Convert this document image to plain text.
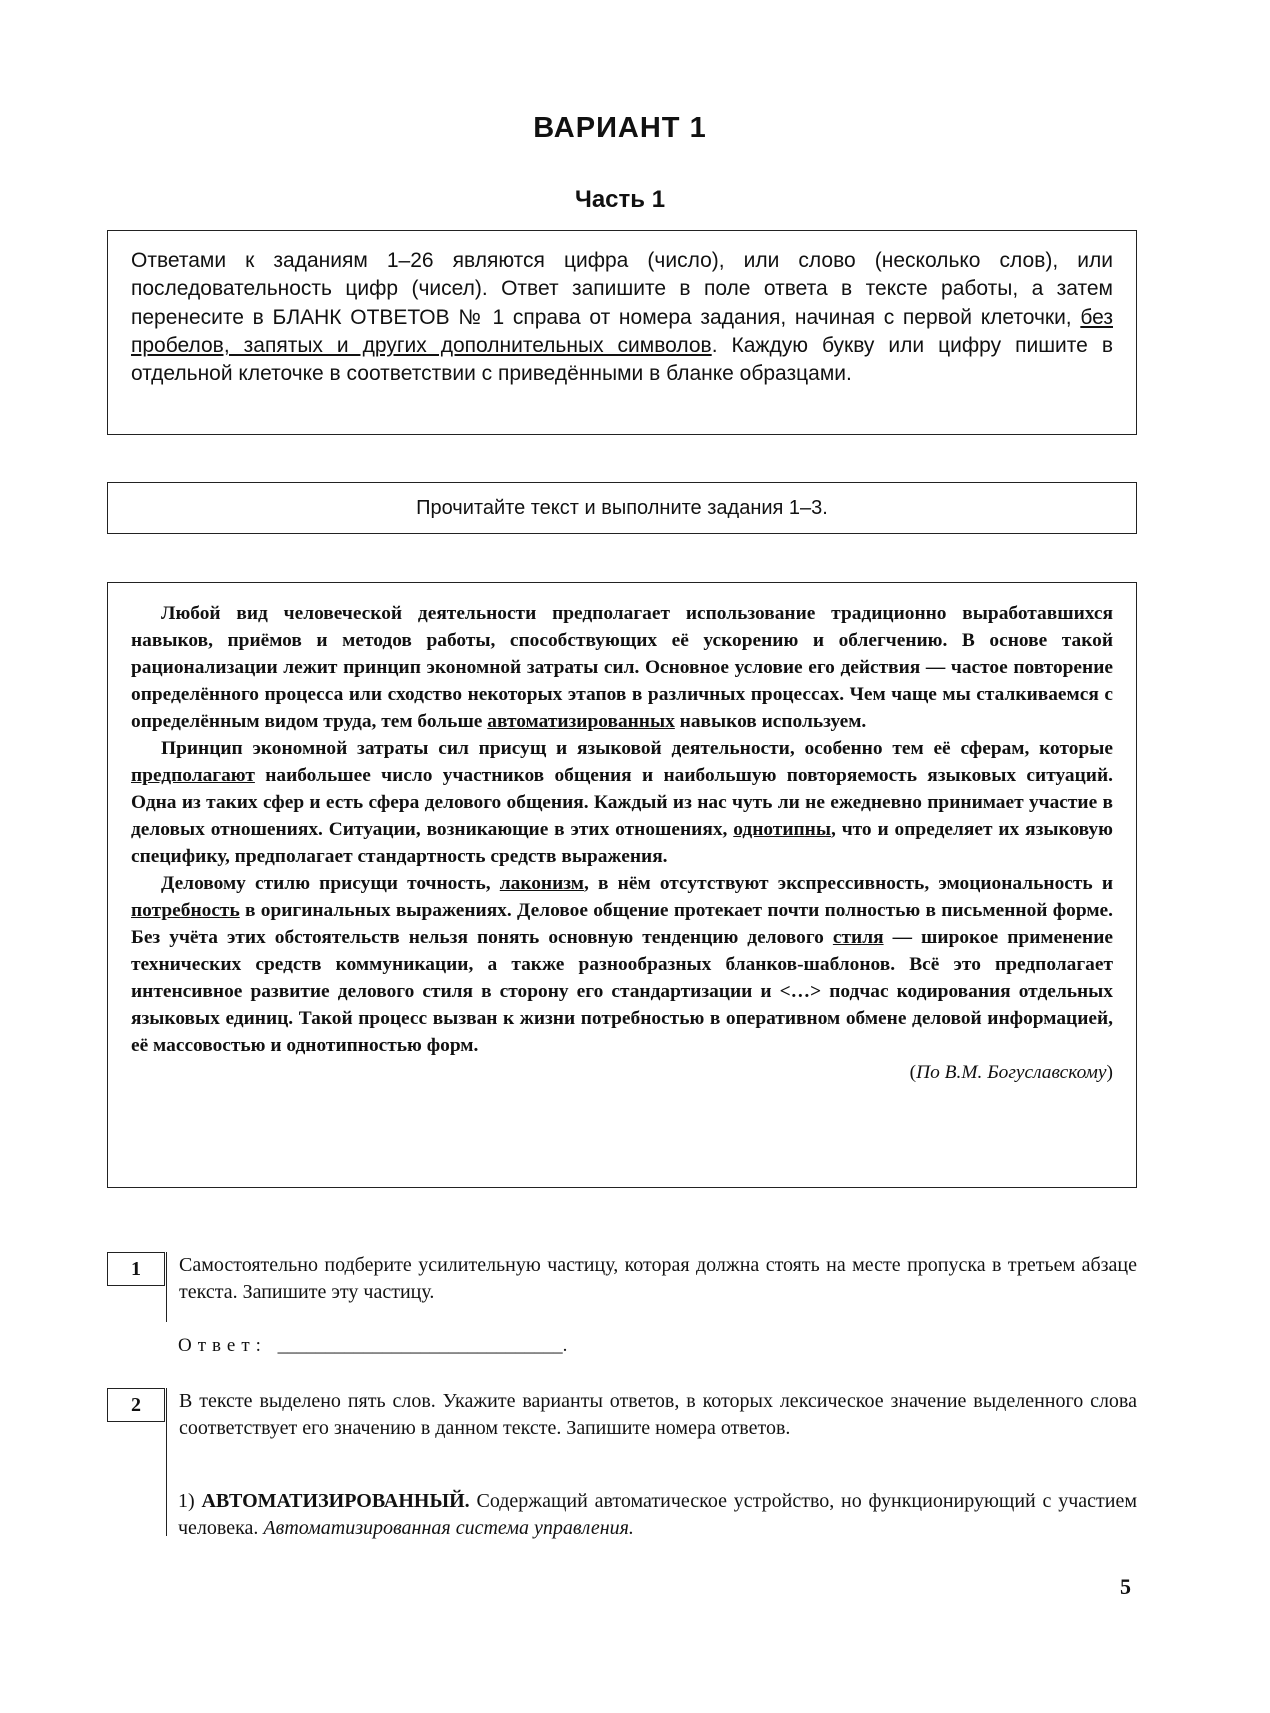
ВАРИАНТ 1
Часть 1
Ответами к заданиям 1–26 являются цифра (число), или слово (несколько слов), или последовательность цифр (чисел). Ответ запишите в поле ответа в тексте работы, а затем перенесите в БЛАНК ОТВЕТОВ № 1 справа от номера задания, начиная с первой клеточки, без пробелов, запятых и других дополнительных символов. Каждую букву или цифру пишите в отдельной клеточке в соответствии с приведёнными в бланке образцами.
Прочитайте текст и выполните задания 1–3.

Любой вид человеческой деятельности предполагает использование традиционно выработавшихся навыков, приёмов и методов работы, способствующих её ускорению и облегчению. В основе такой рационализации лежит принцип экономной затраты сил. Основное условие его действия — частое повторение определённого процесса или сходство некоторых этапов в различных процессах. Чем чаще мы сталкиваемся с определённым видом труда, тем больше автоматизированных навыков используем.

Принцип экономной затраты сил присущ и языковой деятельности, особенно тем её сферам, которые предполагают наибольшее число участников общения и наибольшую повторяемость языковых ситуаций. Одна из таких сфер и есть сфера делового общения. Каждый из нас чуть ли не ежедневно принимает участие в деловых отношениях. Ситуации, возникающие в этих отношениях, однотипны, что и определяет их языковую специфику, предполагает стандартность средств выражения.

Деловому стилю присущи точность, лаконизм, в нём отсутствуют экспрессивность, эмоциональность и потребность в оригинальных выражениях. Деловое общение протекает почти полностью в письменной форме. Без учёта этих обстоятельств нельзя понять основную тенденцию делового стиля — широкое применение технических средств коммуникации, а также разнообразных бланков-шаблонов. Всё это предполагает интенсивное развитие делового стиля в сторону его стандартизации и <…> подчас кодирования отдельных языковых единиц. Такой процесс вызван к жизни потребностью в оперативном обмене деловой информацией, её массовостью и однотипностью форм.

(По В.М. Богуславскому)
1	Самостоятельно подберите усилительную частицу, которая должна стоять на месте пропуска в третьем абзаце текста. Запишите эту частицу.
Ответ: ______________________________.
2	В тексте выделено пять слов. Укажите варианты ответов, в которых лексическое значение выделенного слова соответствует его значению в данном тексте. Запишите номера ответов.
1) АВТОМАТИЗИРОВАННЫЙ. Содержащий автоматическое устройство, но функционирующий с участием человека. Автоматизированная система управления.
5
